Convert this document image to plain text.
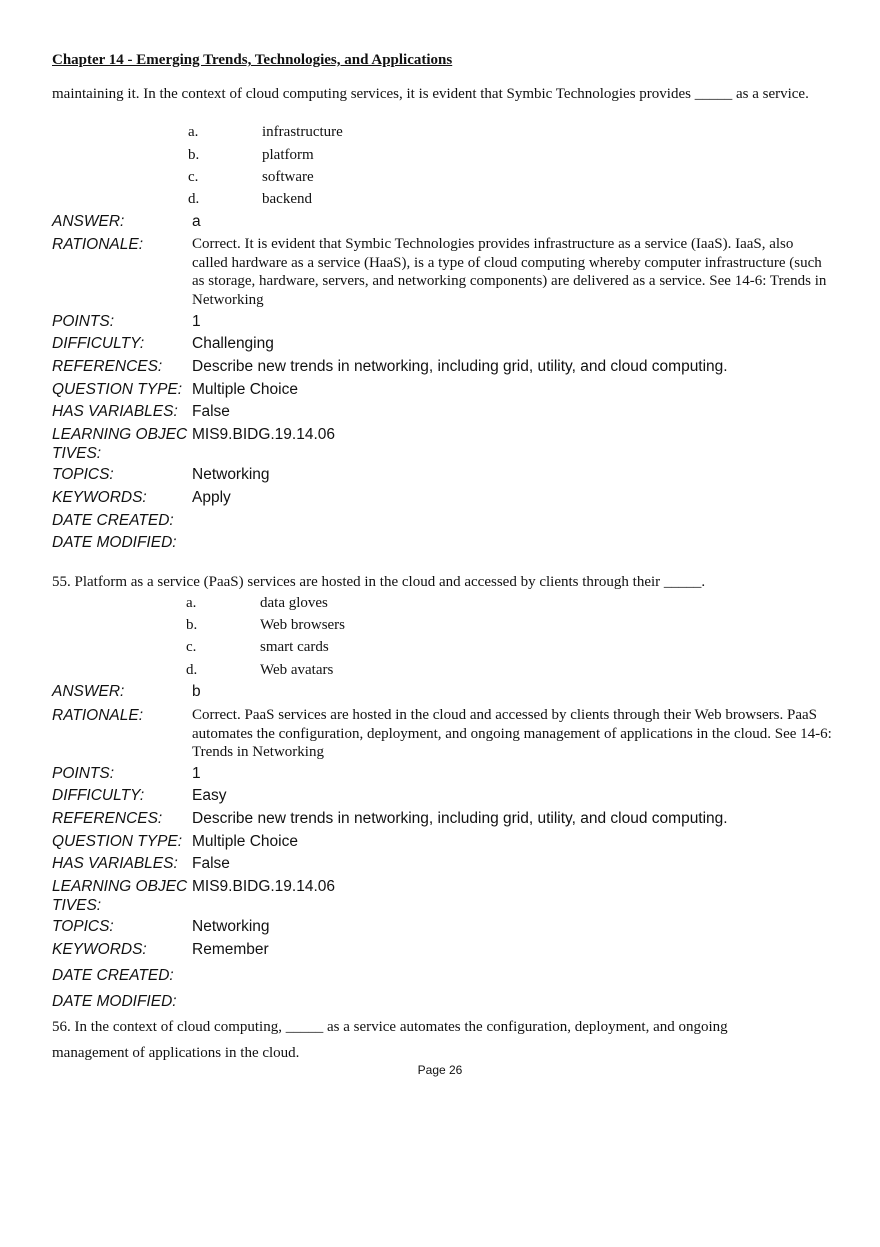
Chapter 14 - Emerging Trends, Technologies, and Applications
maintaining it. In the context of cloud computing services, it is evident that Symbic Technologies provides _____ as a service.
a.	infrastructure
b.	platform
c.	software
d.	backend
ANSWER:	a
RATIONALE:	Correct. It is evident that Symbic Technologies provides infrastructure as a service (IaaS). IaaS, also called hardware as a service (HaaS), is a type of cloud computing whereby computer infrastructure (such as storage, hardware, servers, and networking components) are delivered as a service. See 14-6: Trends in Networking
POINTS:	1
DIFFICULTY:	Challenging
REFERENCES:	Describe new trends in networking, including grid, utility, and cloud computing.
QUESTION TYPE: Multiple Choice
HAS VARIABLES: False
LEARNING OBJECTIVES:
MIS9.BIDG.19.14.06
TOPICS:	Networking
KEYWORDS:	Apply
DATE CREATED:
DATE MODIFIED:
55. Platform as a service (PaaS) services are hosted in the cloud and accessed by clients through their _____.
a.	data gloves
b.	Web browsers
c.	smart cards
d.	Web avatars
ANSWER:	b
RATIONALE:	Correct. PaaS services are hosted in the cloud and accessed by clients through their Web browsers. PaaS automates the configuration, deployment, and ongoing management of applications in the cloud. See 14-6: Trends in Networking
POINTS:	1
DIFFICULTY:	Easy
REFERENCES:	Describe new trends in networking, including grid, utility, and cloud computing.
QUESTION TYPE: Multiple Choice
HAS VARIABLES: False
LEARNING OBJECTIVES:
MIS9.BIDG.19.14.06
TOPICS:	Networking
KEYWORDS:	Remember
DATE CREATED:
DATE MODIFIED:
56. In the context of cloud computing, _____ as a service automates the configuration, deployment, and ongoing
management of applications in the cloud.
Page 26
